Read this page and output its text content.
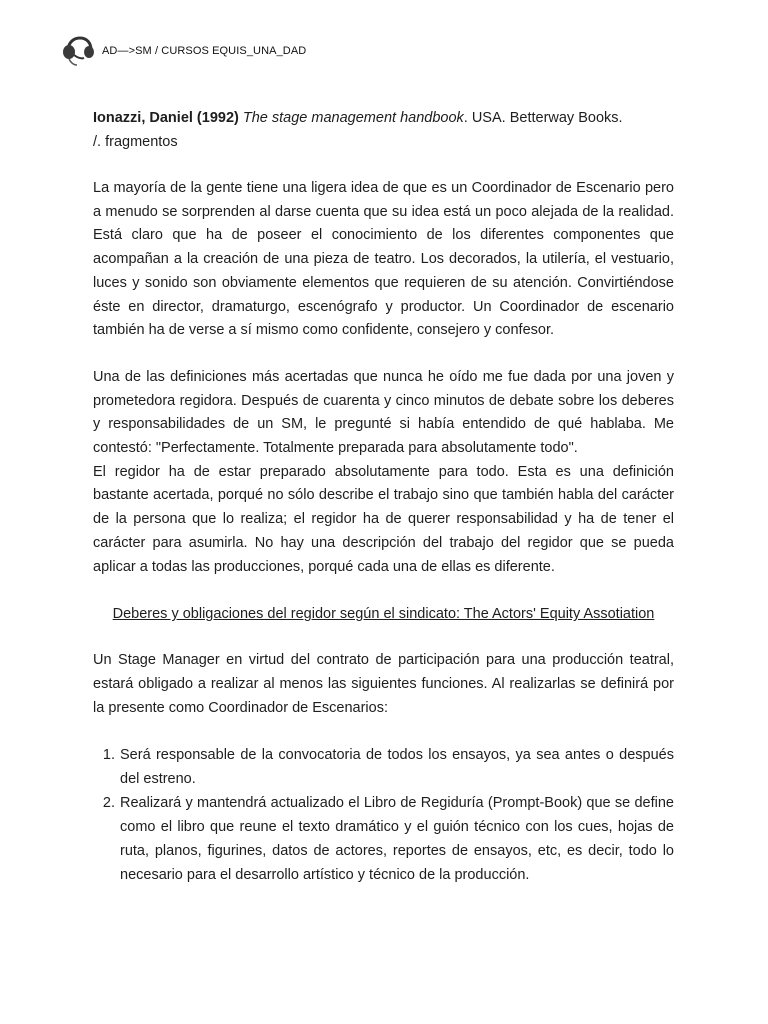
AD—>SM / CURSOS EQUIS_UNA_DAD

Ionazzi, Daniel (1992) The stage management handbook. USA. Betterway Books.

/. fragmentos

La mayoría de la gente tiene una ligera idea de que es un Coordinador de Escenario pero a menudo se sorprenden al darse cuenta que su idea está un poco alejada de la realidad. Está claro que ha de poseer el conocimiento de los diferentes componentes que acompañan a la creación de una pieza de teatro. Los decorados, la utilería, el vestuario, luces y sonido son obviamente elementos que requieren de su atención. Convirtiéndose éste en director, dramaturgo, escenógrafo y productor. Un Coordinador de escenario también ha de verse a sí mismo como confidente, consejero y confesor.

Una de las definiciones más acertadas que nunca he oído me fue dada por una joven y prometedora regidora. Después de cuarenta y cinco minutos de debate sobre los deberes y responsabilidades de un SM, le pregunté si había entendido de qué hablaba. Me contestó: "Perfectamente. Totalmente preparada para absolutamente todo".

El regidor ha de estar preparado absolutamente para todo. Esta es una definición bastante acertada, porqué no sólo describe el trabajo sino que también habla del carácter de la persona que lo realiza; el regidor ha de querer responsabilidad y ha de tener el carácter para asumirla. No hay una descripción del trabajo del regidor que se pueda aplicar a todas las producciones, porqué cada una de ellas es diferente.

Deberes y obligaciones del regidor según el sindicato: The Actors' Equity Assotiation

Un Stage Manager en virtud del contrato de participación para una producción teatral, estará obligado a realizar al menos las siguientes funciones. Al realizarlas se definirá por la presente como Coordinador de Escenarios:

1. Será responsable de la convocatoria de todos los ensayos, ya sea antes o después del estreno.
2. Realizará y mantendrá actualizado el Libro de Regiduría (Prompt-Book) que se define como el libro que reune el texto dramático y el guión técnico con los cues, hojas de ruta, planos, figurines, datos de actores, reportes de ensayos, etc, es decir, todo lo necesario para el desarrollo artístico y técnico de la producción.
